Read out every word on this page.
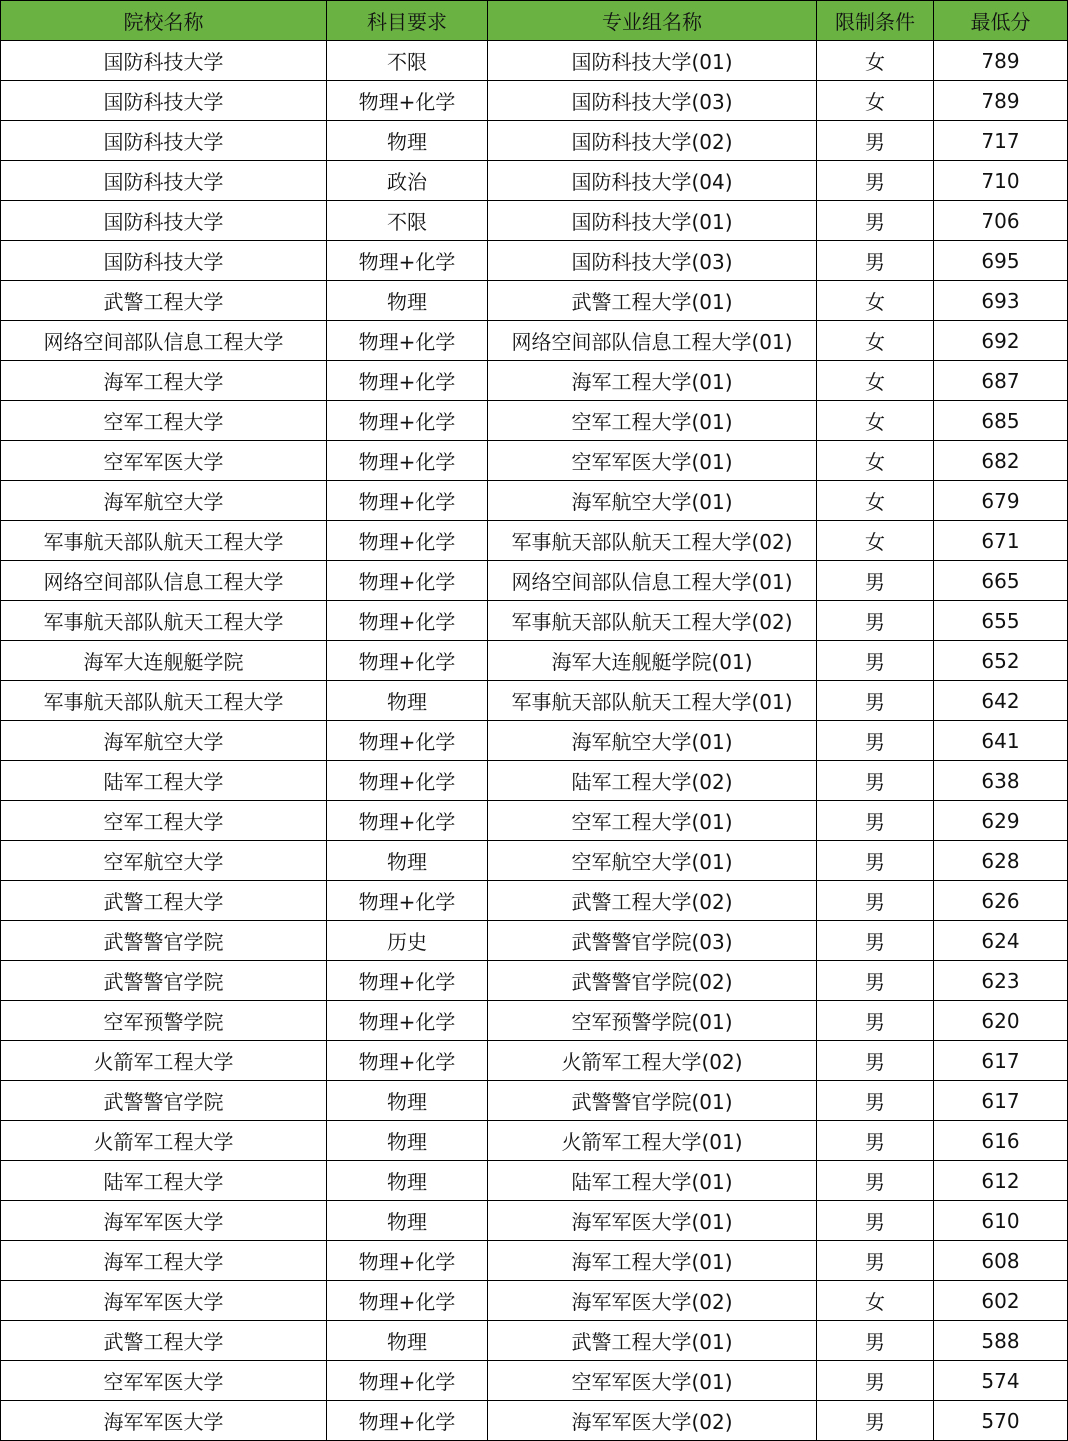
院校名称	科目要求	专业组名称	限制条件	最低分
国防科技大学	不限	国防科技大学(01)	女	789
国防科技大学	物理+化学	国防科技大学(03)	女	789
国防科技大学	物理	国防科技大学(02)	男	717
国防科技大学	政治	国防科技大学(04)	男	710
国防科技大学	不限	国防科技大学(01)	男	706
国防科技大学	物理+化学	国防科技大学(03)	男	695
武警工程大学	物理	武警工程大学(01)	女	693
网络空间部队信息工程大学	物理+化学	网络空间部队信息工程大学(01)	女	692
海军工程大学	物理+化学	海军工程大学(01)	女	687
空军工程大学	物理+化学	空军工程大学(01)	女	685
空军军医大学	物理+化学	空军军医大学(01)	女	682
海军航空大学	物理+化学	海军航空大学(01)	女	679
军事航天部队航天工程大学	物理+化学	军事航天部队航天工程大学(02)	女	671
网络空间部队信息工程大学	物理+化学	网络空间部队信息工程大学(01)	男	665
军事航天部队航天工程大学	物理+化学	军事航天部队航天工程大学(02)	男	655
海军大连舰艇学院	物理+化学	海军大连舰艇学院(01)	男	652
军事航天部队航天工程大学	物理	军事航天部队航天工程大学(01)	男	642
海军航空大学	物理+化学	海军航空大学(01)	男	641
陆军工程大学	物理+化学	陆军工程大学(02)	男	638
空军工程大学	物理+化学	空军工程大学(01)	男	629
空军航空大学	物理	空军航空大学(01)	男	628
武警工程大学	物理+化学	武警工程大学(02)	男	626
武警警官学院	历史	武警警官学院(03)	男	624
武警警官学院	物理+化学	武警警官学院(02)	男	623
空军预警学院	物理+化学	空军预警学院(01)	男	620
火箭军工程大学	物理+化学	火箭军工程大学(02)	男	617
武警警官学院	物理	武警警官学院(01)	男	617
火箭军工程大学	物理	火箭军工程大学(01)	男	616
陆军工程大学	物理	陆军工程大学(01)	男	612
海军军医大学	物理	海军军医大学(01)	男	610
海军工程大学	物理+化学	海军工程大学(01)	男	608
海军军医大学	物理+化学	海军军医大学(02)	女	602
武警工程大学	物理	武警工程大学(01)	男	588
空军军医大学	物理+化学	空军军医大学(01)	男	574
海军军医大学	物理+化学	海军军医大学(02)	男	570
